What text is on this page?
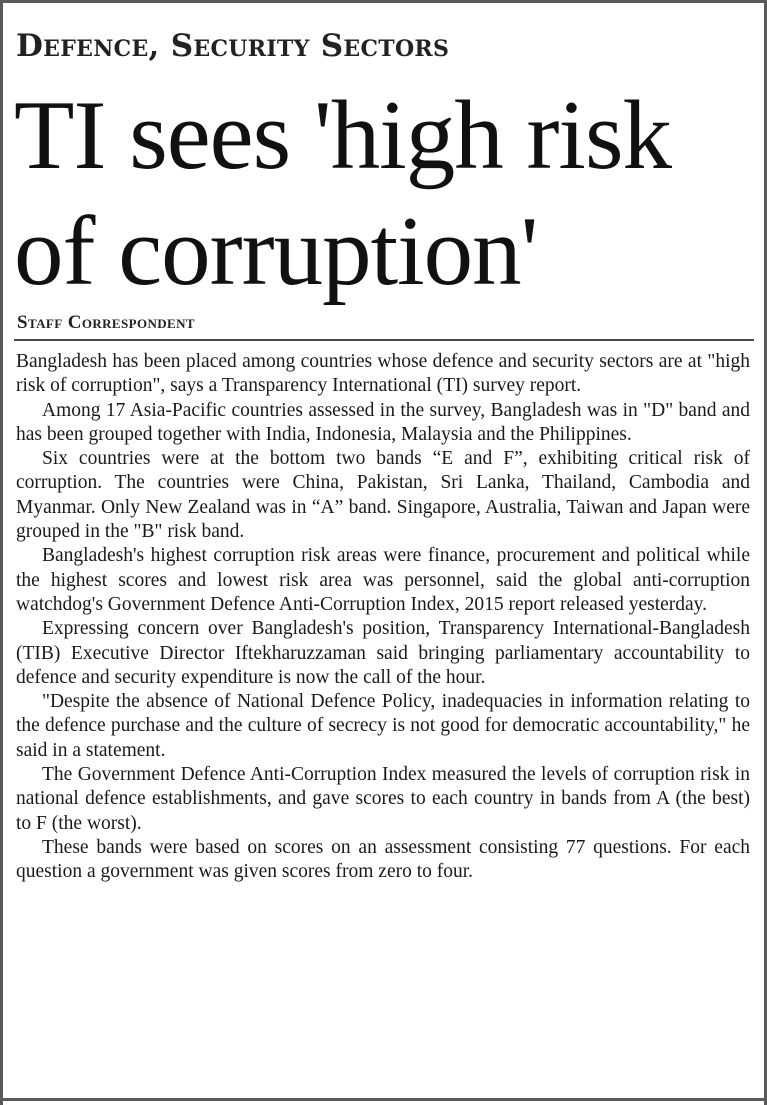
Defence, Security Sectors
TI sees 'high risk of corruption'
Staff Correspondent

Bangladesh has been placed among countries whose defence and security sectors are at "high risk of corruption", says a Transparency International (TI) survey report.

Among 17 Asia-Pacific countries assessed in the survey, Bangladesh was in "D" band and has been grouped together with India, Indonesia, Malaysia and the Philippines.

Six countries were at the bottom two bands “E and F”, exhibiting critical risk of corruption. The countries were China, Pakistan, Sri Lanka, Thailand, Cambodia and Myanmar. Only New Zealand was in “A” band. Singapore, Australia, Taiwan and Japan were grouped in the "B" risk band.

Bangladesh's highest corruption risk areas were finance, procurement and political while the highest scores and lowest risk area was personnel, said the global anti-corruption watchdog's Government Defence Anti-Corruption Index, 2015 report released yesterday.

Expressing concern over Bangladesh's position, Transparency International-Bangladesh (TIB) Executive Director Iftekharuzzaman said bringing parliamentary accountability to defence and security expenditure is now the call of the hour.

"Despite the absence of National Defence Policy, inadequacies in information relating to the defence purchase and the culture of secrecy is not good for democratic accountability," he said in a statement.

The Government Defence Anti-Corruption Index measured the levels of corruption risk in national defence establishments, and gave scores to each country in bands from A (the best) to F (the worst).

These bands were based on scores on an assessment consisting 77 questions. For each question a government was given scores from zero to four.
